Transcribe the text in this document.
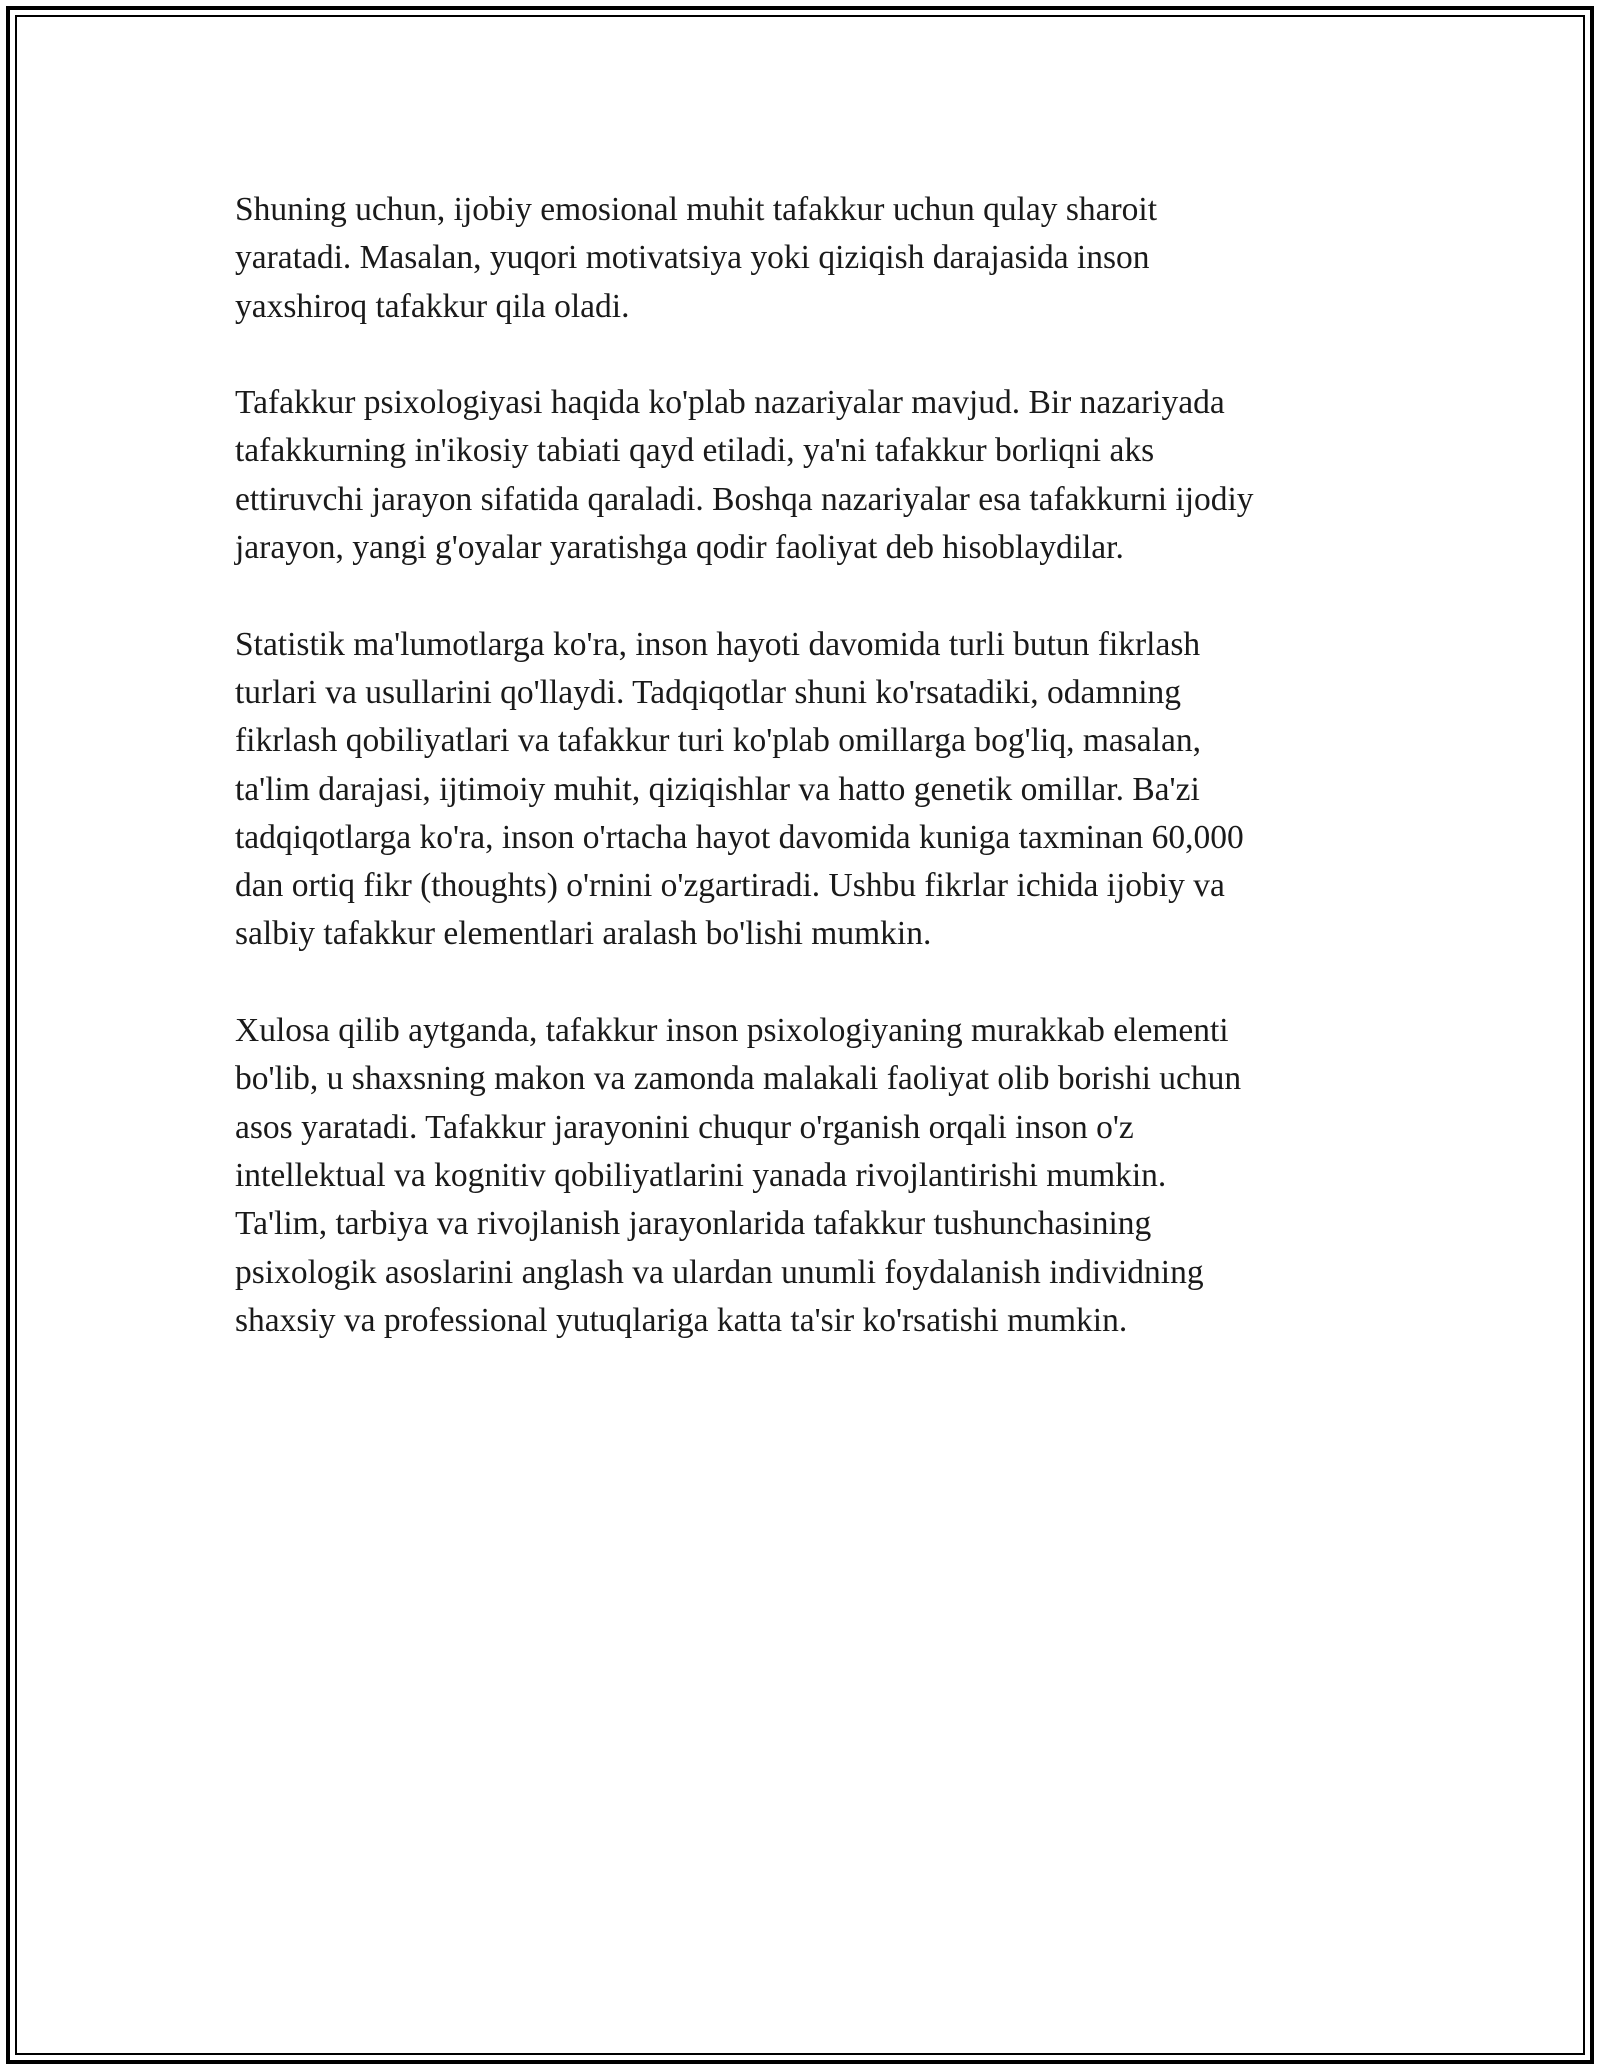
Shuning uchun, ijobiy emosional muhit tafakkur uchun qulay sharoit
yaratadi. Masalan, yuqori motivatsiya yoki qiziqish darajasida inson
yaxshiroq tafakkur qila oladi.

Tafakkur psixologiyasi haqida ko'plab nazariyalar mavjud. Bir nazariyada
tafakkurning in'ikosiy tabiati qayd etiladi, ya'ni tafakkur borliqni aks
ettiruvchi jarayon sifatida qaraladi. Boshqa nazariyalar esa tafakkurni ijodiy
jarayon, yangi g'oyalar yaratishga qodir faoliyat deb hisoblaydilar.

Statistik ma'lumotlarga ko'ra, inson hayoti davomida turli butun fikrlash
turlari va usullarini qo'llaydi. Tadqiqotlar shuni ko'rsatadiki, odamning
fikrlash qobiliyatlari va tafakkur turi ko'plab omillarga bog'liq, masalan,
ta'lim darajasi, ijtimoiy muhit, qiziqishlar va hatto genetik omillar. Ba'zi
tadqiqotlarga ko'ra, inson o'rtacha hayot davomida kuniga taxminan 60,000
dan ortiq fikr (thoughts) o'rnini o'zgartiradi. Ushbu fikrlar ichida ijobiy va
salbiy tafakkur elementlari aralash bo'lishi mumkin.

Xulosa qilib aytganda, tafakkur inson psixologiyaning murakkab elementi
bo'lib, u shaxsning makon va zamonda malakali faoliyat olib borishi uchun
asos yaratadi. Tafakkur jarayonini chuqur o'rganish orqali inson o'z
intellektual va kognitiv qobiliyatlarini yanada rivojlantirishi mumkin.
Ta'lim, tarbiya va rivojlanish jarayonlarida tafakkur tushunchasining
psixologik asoslarini anglash va ulardan unumli foydalanish individning
shaxsiy va professional yutuqlariga katta ta'sir ko'rsatishi mumkin.
